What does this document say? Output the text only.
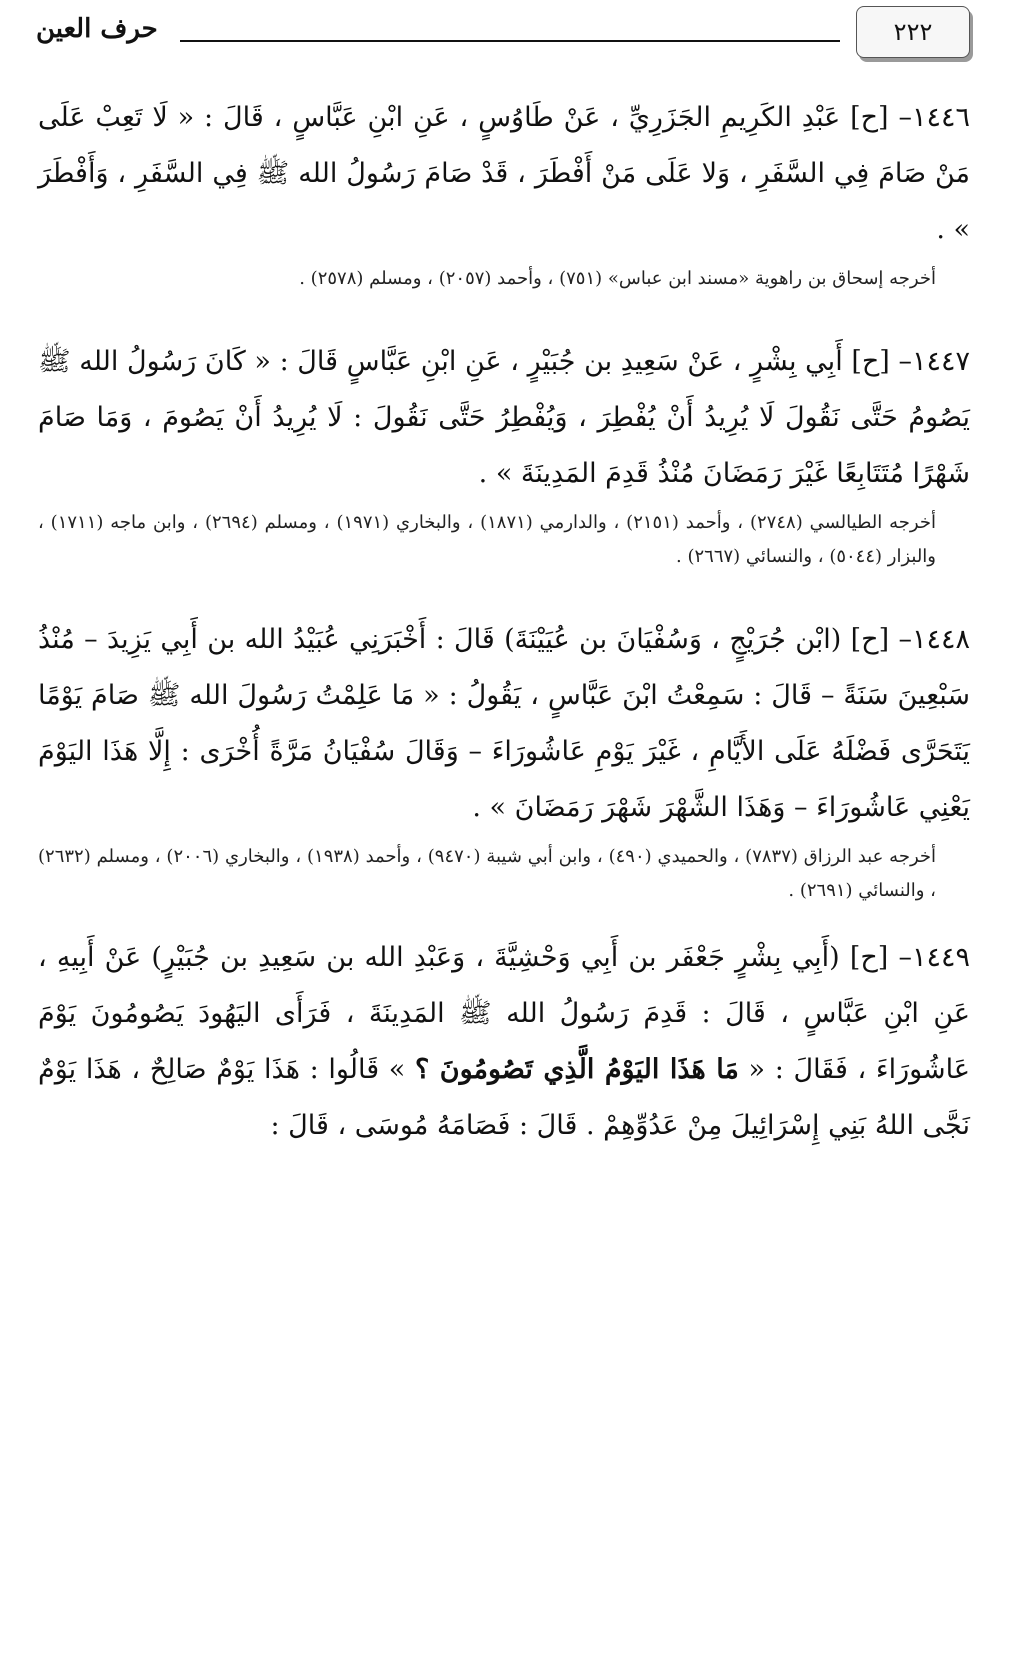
٢٢٢
حرف العين

١٤٤٦– [ح] عَبْدِ الكَرِيمِ الجَزَرِيِّ ، عَنْ طَاوُسٍ ، عَنِ ابْنِ عَبَّاسٍ ، قَالَ : « لَا تَعِبْ عَلَى مَنْ صَامَ فِي السَّفَرِ ، وَلا عَلَى مَنْ أَفْطَرَ ، قَدْ صَامَ رَسُولُ الله ﷺ فِي السَّفَرِ ، وَأَفْطَرَ » .

أخرجه إسحاق بن راهوية «مسند ابن عباس» (٧٥١) ، وأحمد (٢٠٥٧) ، ومسلم (٢٥٧٨) .

١٤٤٧– [ح] أَبِي بِشْرٍ ، عَنْ سَعِيدِ بن جُبَيْرٍ ، عَنِ ابْنِ عَبَّاسٍ قَالَ : « كَانَ رَسُولُ الله ﷺ يَصُومُ حَتَّى نَقُولَ لَا يُرِيدُ أَنْ يُفْطِرَ ، وَيُفْطِرُ حَتَّى نَقُولَ : لَا يُرِيدُ أَنْ يَصُومَ ، وَمَا صَامَ شَهْرًا مُتَتَابِعًا غَيْرَ رَمَضَانَ مُنْذُ قَدِمَ المَدِينَةَ » .

أخرجه الطيالسي (٢٧٤٨) ، وأحمد (٢١٥١) ، والدارمي (١٨٧١) ، والبخاري (١٩٧١) ، ومسلم (٢٦٩٤) ، وابن ماجه (١٧١١) ، والبزار (٥٠٤٤) ، والنسائي (٢٦٦٧) .

١٤٤٨– [ح] (ابْن جُرَيْجٍ ، وَسُفْيَانَ بن عُيَيْنَةَ) قَالَ : أَخْبَرَنِي عُبَيْدُ الله بن أَبِي يَزِيدَ – مُنْذُ سَبْعِينَ سَنَةً – قَالَ : سَمِعْتُ ابْنَ عَبَّاسٍ ، يَقُولُ : « مَا عَلِمْتُ رَسُولَ الله ﷺ صَامَ يَوْمًا يَتَحَرَّى فَضْلَهُ عَلَى الأَيَّامِ ، غَيْرَ يَوْمِ عَاشُورَاءَ – وَقَالَ سُفْيَانُ مَرَّةً أُخْرَى : إِلَّا هَذَا اليَوْمَ يَعْنِي عَاشُورَاءَ – وَهَذَا الشَّهْرَ شَهْرَ رَمَضَانَ » .

أخرجه عبد الرزاق (٧٨٣٧) ، والحميدي (٤٩٠) ، وابن أبي شيبة (٩٤٧٠) ، وأحمد (١٩٣٨) ، والبخاري (٢٠٠٦) ، ومسلم (٢٦٣٢) ، والنسائي (٢٦٩١) .

١٤٤٩– [ح] (أَبِي بِشْرٍ جَعْفَر بن أَبِي وَحْشِيَّةَ ، وَعَبْدِ الله بن سَعِيدِ بن جُبَيْرٍ) عَنْ أَبِيهِ ، عَنِ ابْنِ عَبَّاسٍ ، قَالَ : قَدِمَ رَسُولُ الله ﷺ المَدِينَةَ ، فَرَأَى اليَهُودَ يَصُومُونَ يَوْمَ عَاشُورَاءَ ، فَقَالَ : « مَا هَذَا اليَوْمُ الَّذِي تَصُومُونَ ؟ » قَالُوا : هَذَا يَوْمٌ صَالِحٌ ، هَذَا يَوْمٌ نَجَّى اللهُ بَنِي إِسْرَائِيلَ مِنْ عَدُوِّهِمْ . قَالَ : فَصَامَهُ مُوسَى ، قَالَ :
